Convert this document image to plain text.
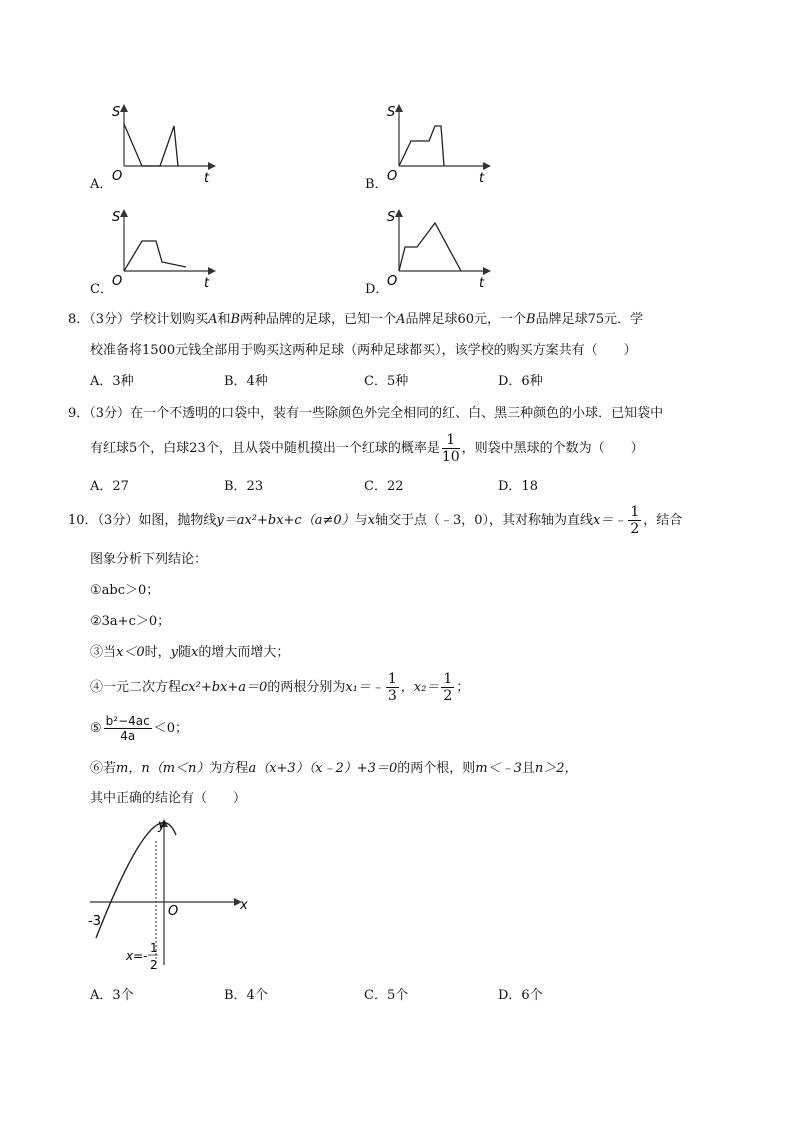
S
O	t
A．
S
O	t
B．
S
O	t
C．
S
O	t
D．
8．（3分）学校计划购买A和B两种品牌的足球，已知一个A品牌足球60元，一个B品牌足球75元．学
校准备将1500元钱全部用于购买这两种足球（两种足球都买），该学校的购买方案共有（　　）
A．3种	B．4种	C．5种	D．6种
9．（3分）在一个不透明的口袋中，装有一些除颜色外完全相同的红、白、黑三种颜色的小球．已知袋中
有红球5个，白球23个，且从袋中随机摸出一个红球的概率是 $\frac{1}{10}$ ，则袋中黑球的个数为（　　）
A．27	B．23	C．22	D．18
10．（3分）如图，抛物线y＝ax²+bx+c（a≠0）与x轴交于点（﹣3，0），其对称轴为直线x＝﹣ $\frac{1}{2}$ ，结合
图象分析下列结论：
①abc＞0；
②3a+c＞0；
③当x＜0时，y随x的增大而增大；
④一元二次方程cx²+bx+a＝0的两根分别为x₁＝﹣ $\frac{1}{3}$ ，$x_2= \frac{1}{2}$ ；
⑤ $\frac{\text{b²−4ac}}{4a} <0$；
⑥若m，n（m＜n）为方程a（x+3）（x﹣2）+3＝0的两个根，则m＜﹣3且n＞2，
其中正确的结论有（　　）
y
x
O
-3
x=-
1
2
A．3个	B．4个	C．5个	D．6个
